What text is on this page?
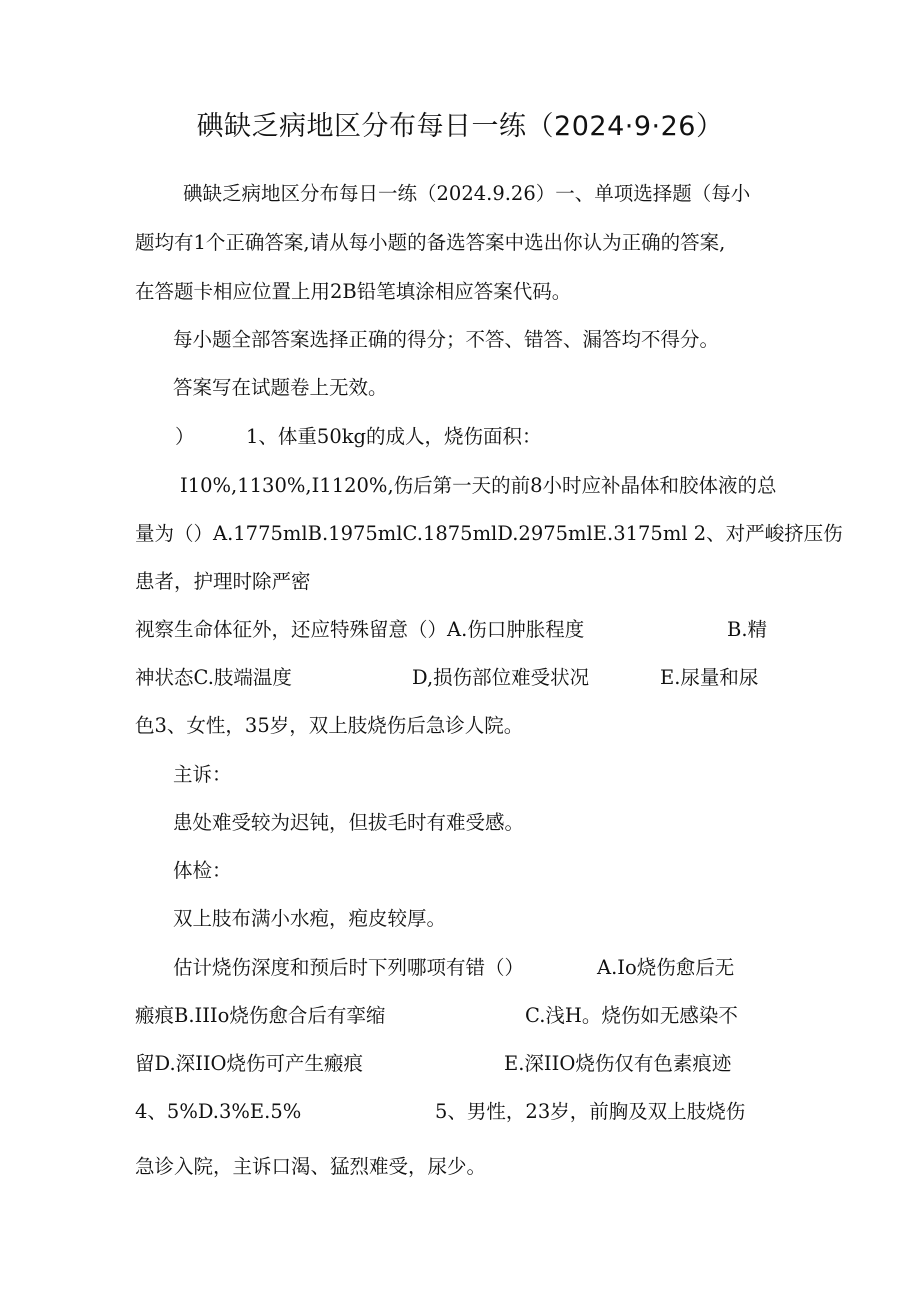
碘缺乏病地区分布每日一练（2024·9·26）
碘缺乏病地区分布每日一练（2024.9.26）一、单项选择题（每小
题均有1个正确答案,请从每小题的备选答案中选出你认为正确的答案,
在答题卡相应位置上用2B铅笔填涂相应答案代码。
每小题全部答案选择正确的得分；不答、错答、漏答均不得分。
答案写在试题卷上无效。
）	1、体重50kg的成人，烧伤面积：
I10%,1130%,I1120%,伤后第一天的前8小时应补晶体和胶体液的总
量为（）A.1775mlB.1975mlC.1875mlD.2975mlE.3175ml 2、对严峻挤压伤
患者，护理时除严密
视察生命体征外，还应特殊留意（）A.伤口肿胀程度	B.精
神状态C.肢端温度	D,损伤部位难受状况	E.尿量和尿
色3、女性，35岁，双上肢烧伤后急诊人院。
主诉：
患处难受较为迟钝，但拔毛时有难受感。
体检：
双上肢布满小水疱，疱皮较厚。
估计烧伤深度和预后时下列哪项有错（）	A.Io烧伤愈后无
瘢痕B.IIIo烧伤愈合后有挛缩	C.浅H。烧伤如无感染不
留D.深IIO烧伤可产生瘢痕	E.深IIO烧伤仅有色素痕迹
4、5%D.3%E.5%	5、男性，23岁，前胸及双上肢烧伤
急诊入院，主诉口渴、猛烈难受，尿少。
